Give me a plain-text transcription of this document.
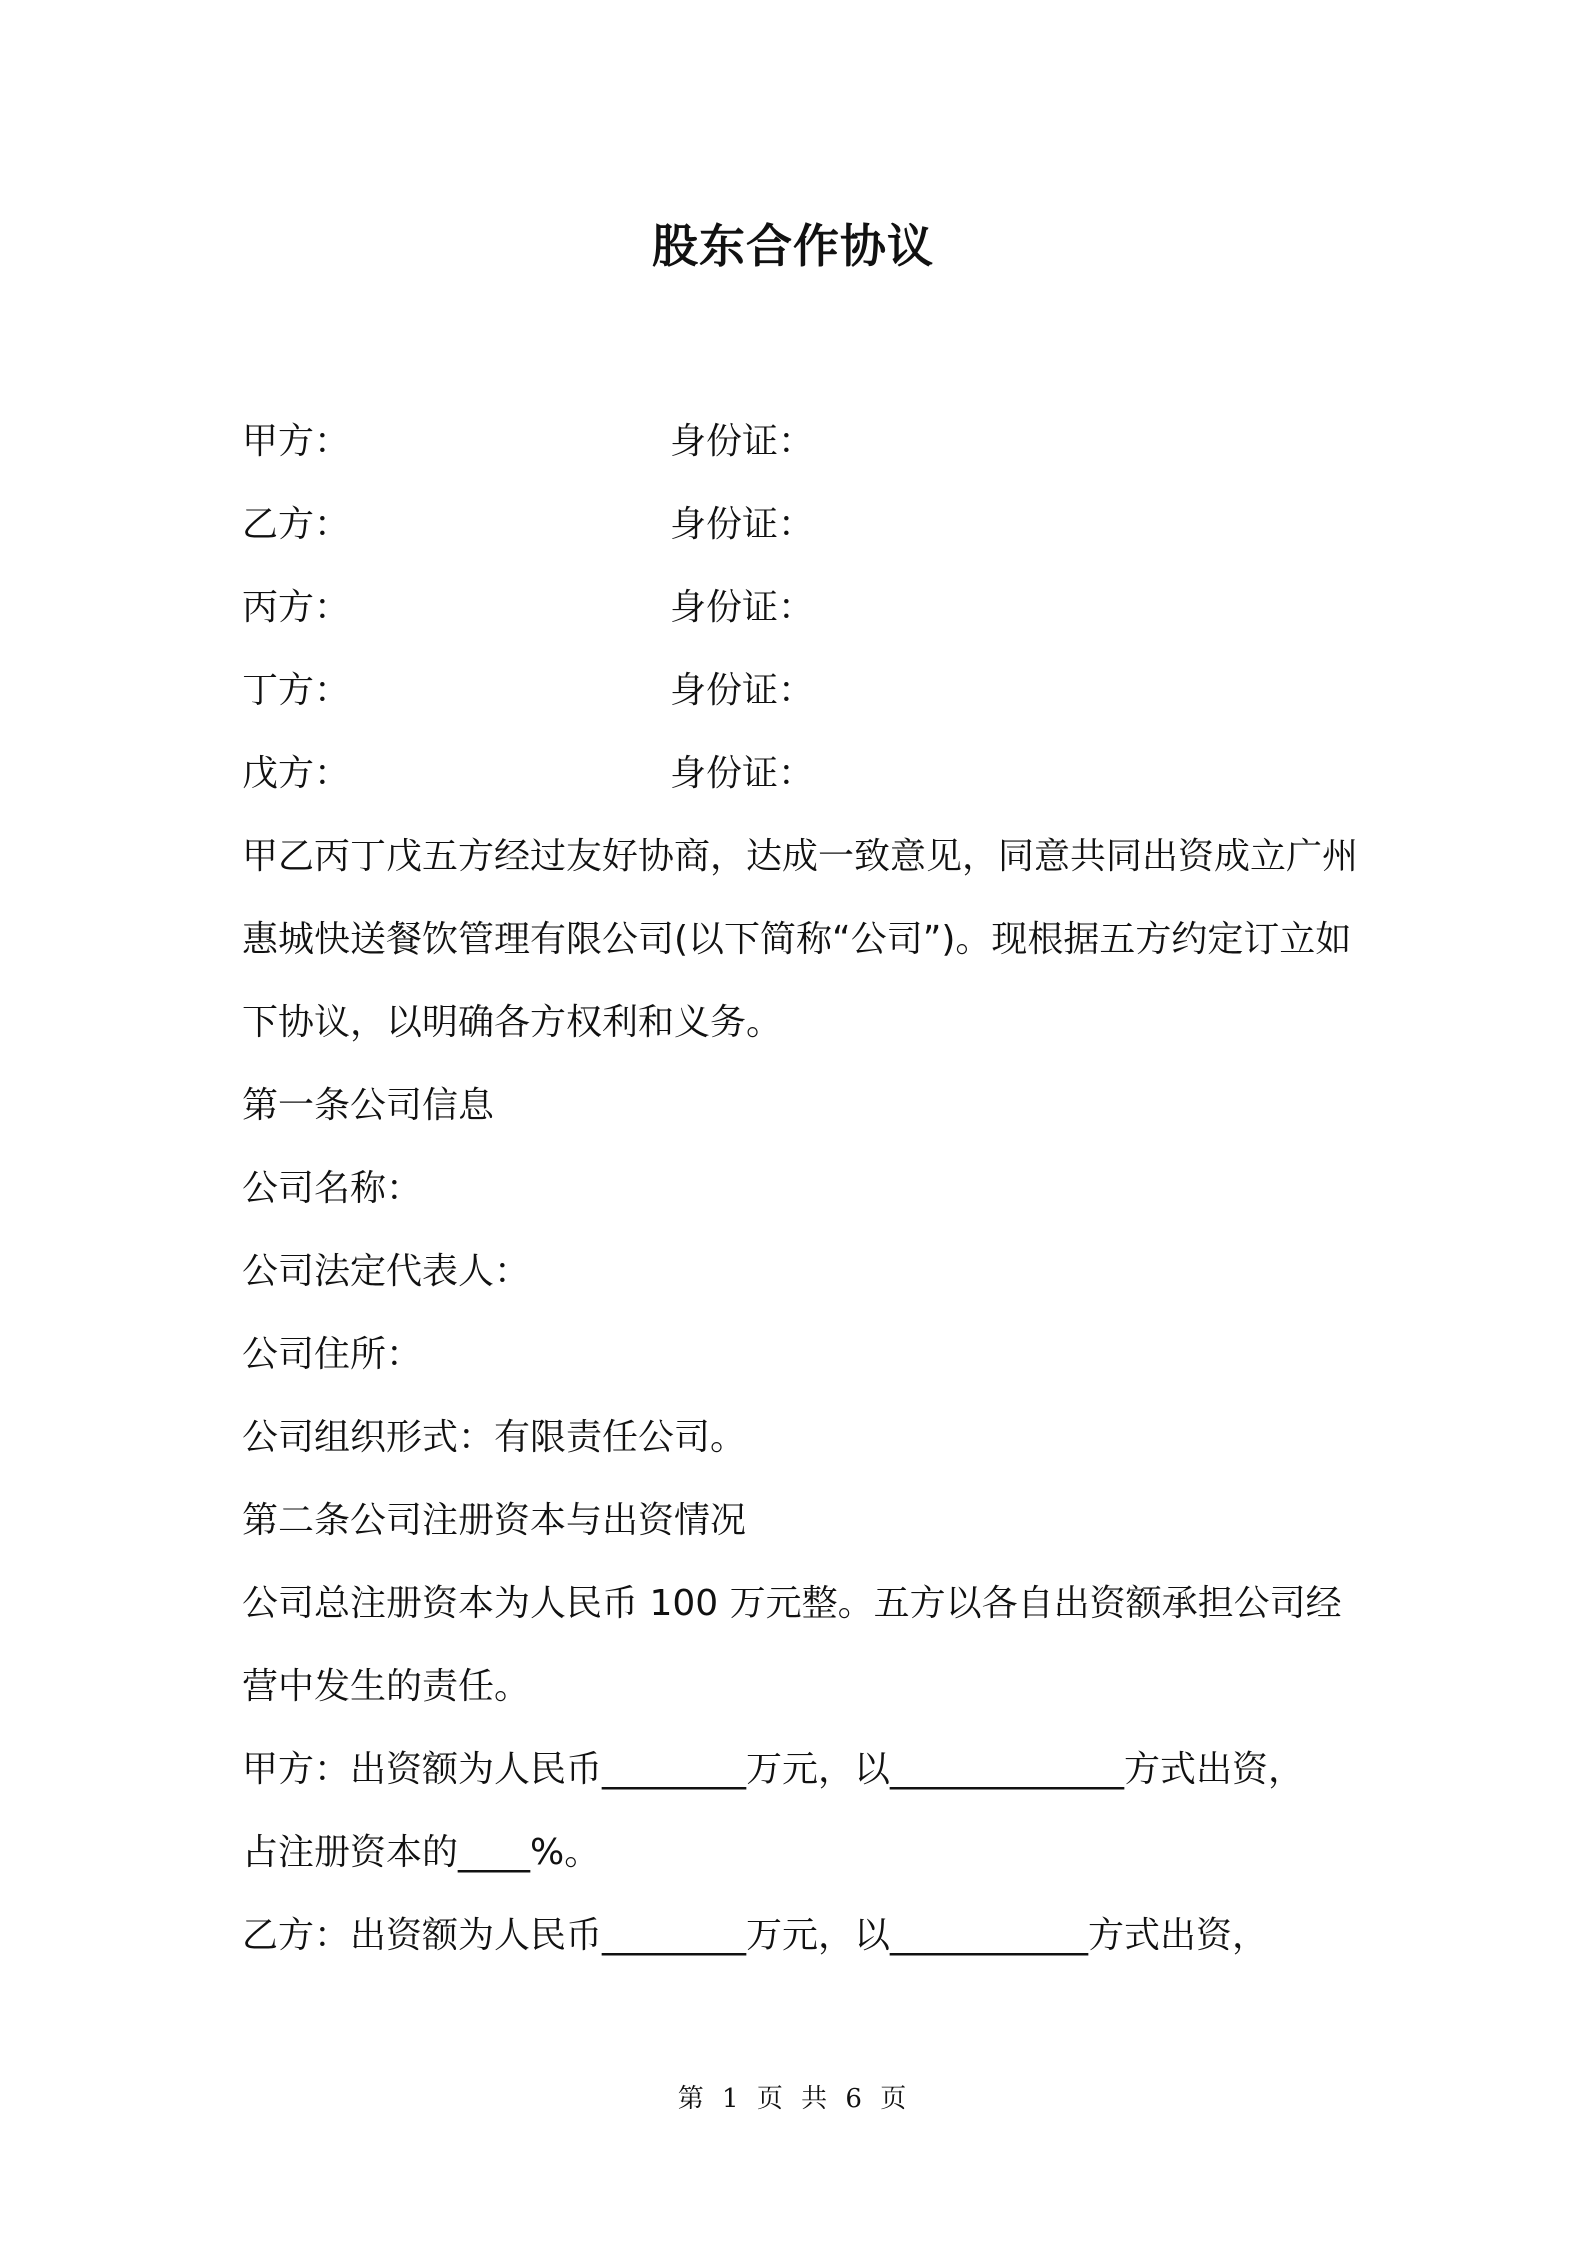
股东合作协议
甲方：	身份证：
乙方：	身份证：
丙方：	身份证：
丁方：	身份证：
戊方：	身份证：
甲乙丙丁戊五方经过友好协商，达成一致意见，同意共同出资成立广州惠城快送餐饮管理有限公司(以下简称“公司”)。现根据五方约定订立如下协议，以明确各方权利和义务。
第一条公司信息
公司名称：
公司法定代表人：
公司住所：
公司组织形式：有限责任公司。
第二条公司注册资本与出资情况
公司总注册资本为人民币 100 万元整。五方以各自出资额承担公司经营中发生的责任。
甲方：出资额为人民币________万元，以_____________方式出资，
占注册资本的____%。
乙方：出资额为人民币________万元，以___________方式出资，
第 1 页 共 6 页
